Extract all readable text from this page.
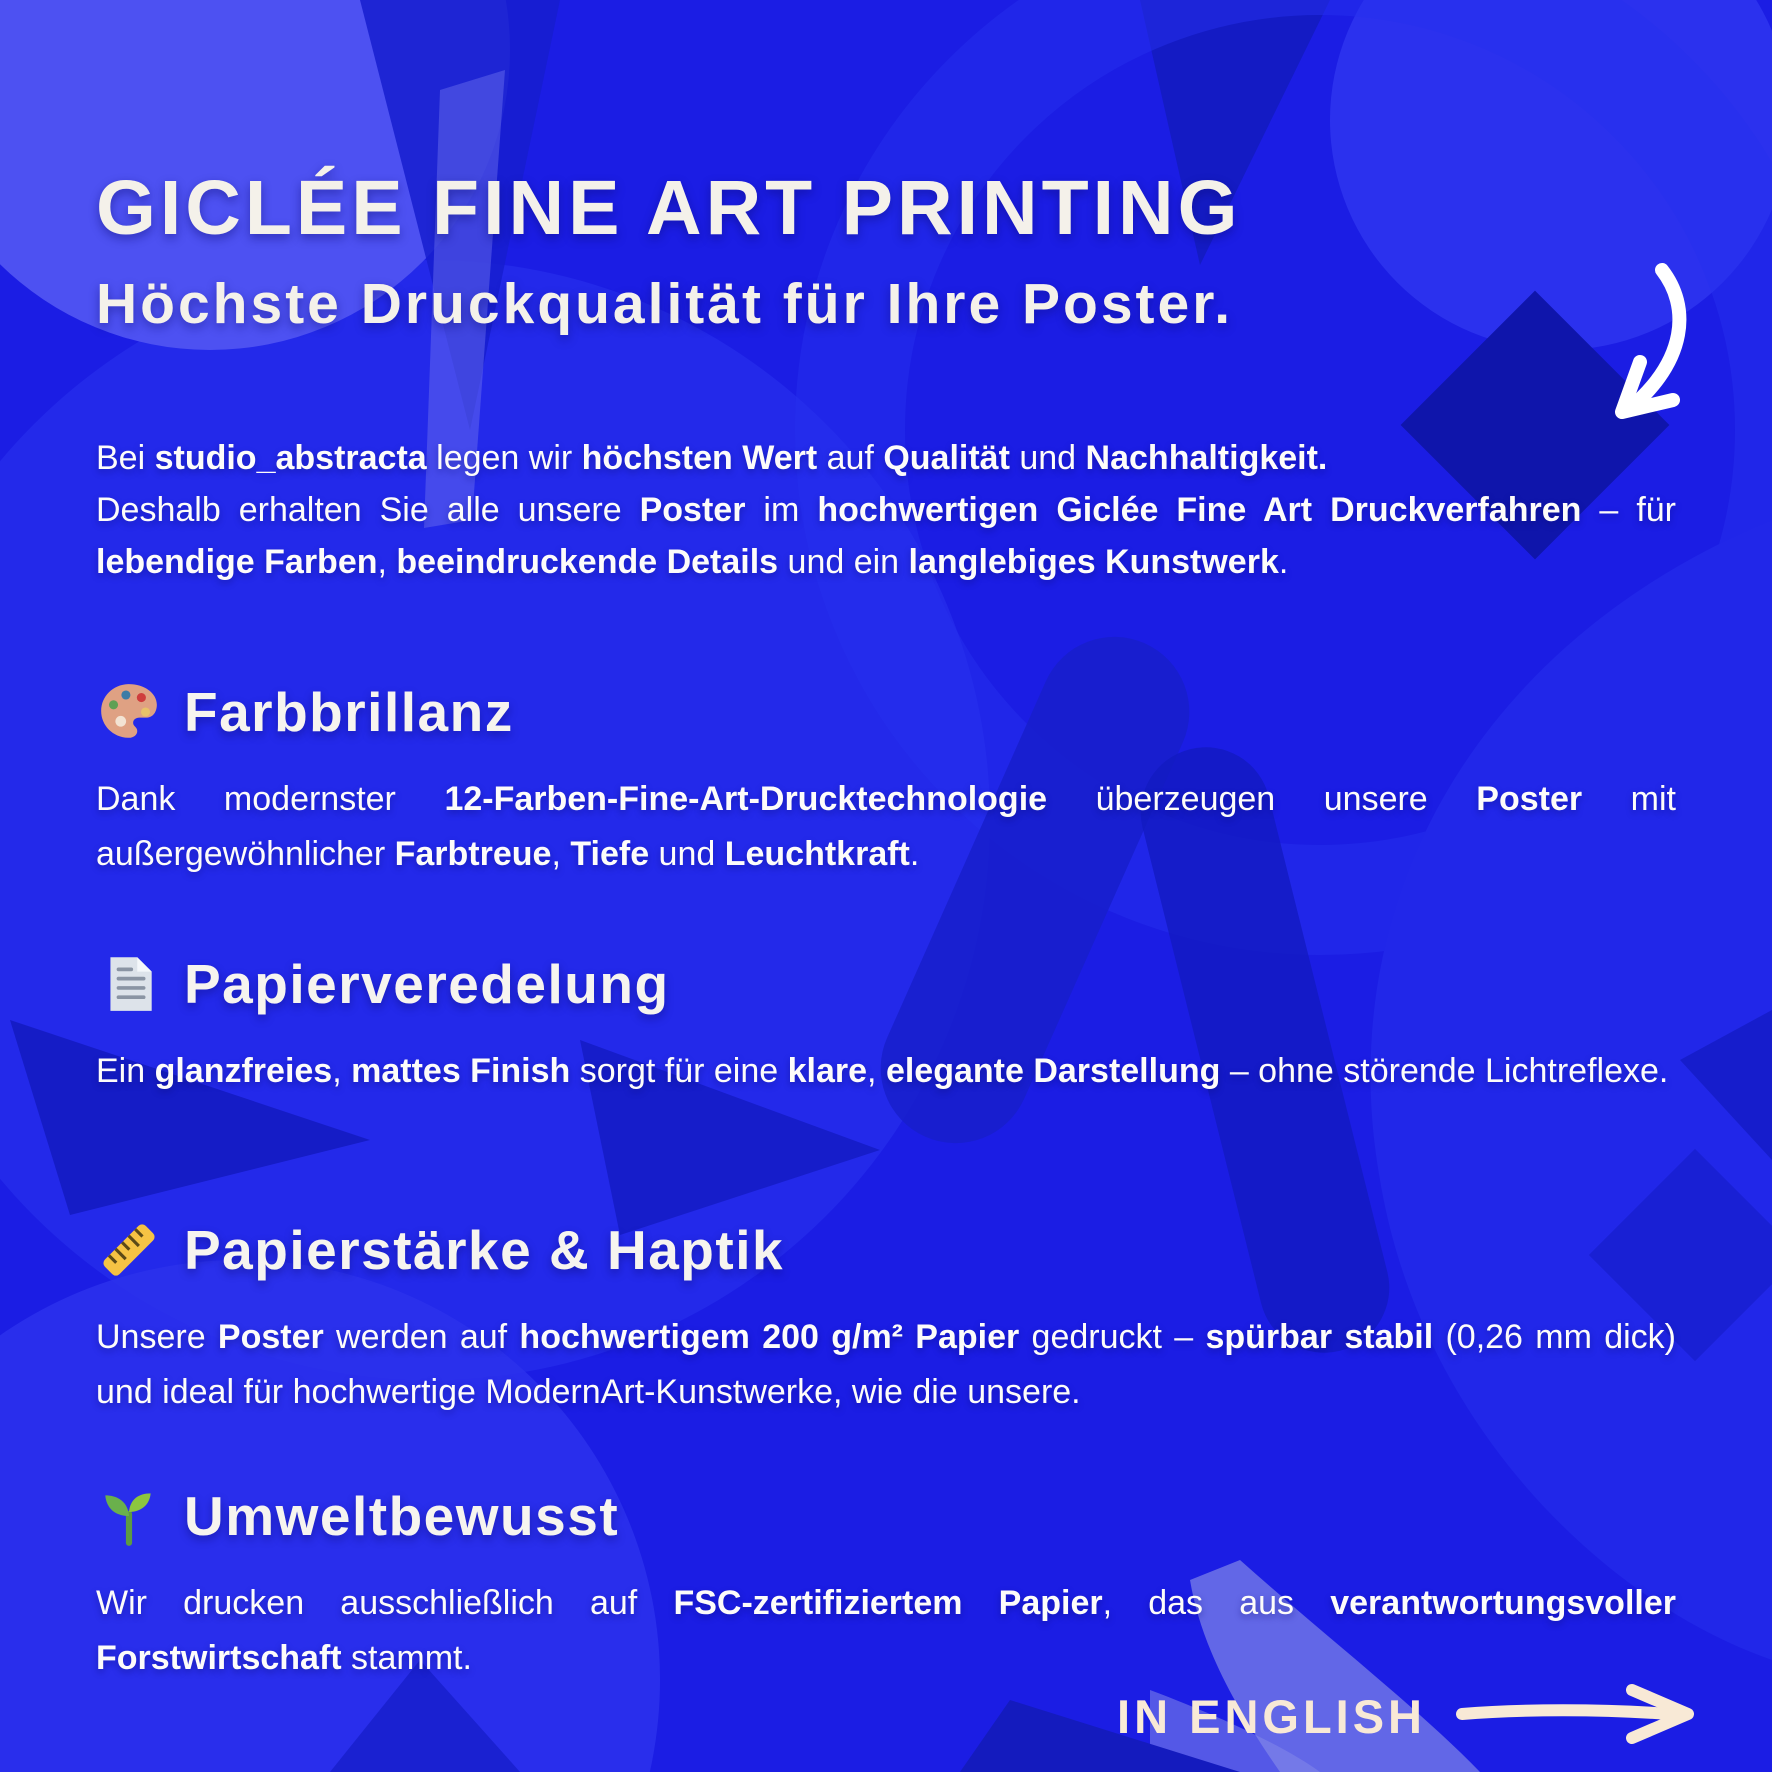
GICLÉE FINE ART PRINTING
Höchste Druckqualität für Ihre Poster.

Bei studio_abstracta legen wir höchsten Wert auf Qualität und Nachhaltigkeit.

Deshalb erhalten Sie alle unsere Poster im hochwertigen Giclée Fine Art Druckverfahren – für lebendige Farben, beeindruckende Details und ein langlebiges Kunstwerk.

Farbbrillanz

Dank modernster 12-Farben-Fine-Art-Drucktechnologie überzeugen unsere Poster mit außergewöhnlicher Farbtreue, Tiefe und Leuchtkraft.

Papierveredelung

Ein glanzfreies, mattes Finish sorgt für eine klare, elegante Darstellung – ohne störende Lichtreflexe.

Papierstärke & Haptik

Unsere Poster werden auf hochwertigem 200 g/m² Papier gedruckt – spürbar stabil (0,26 mm dick) und ideal für hochwertige ModernArt-Kunstwerke, wie die unsere.

Umweltbewusst

Wir drucken ausschließlich auf FSC-zertifiziertem Papier, das aus verantwortungsvoller Forstwirtschaft stammt.

IN ENGLISH
